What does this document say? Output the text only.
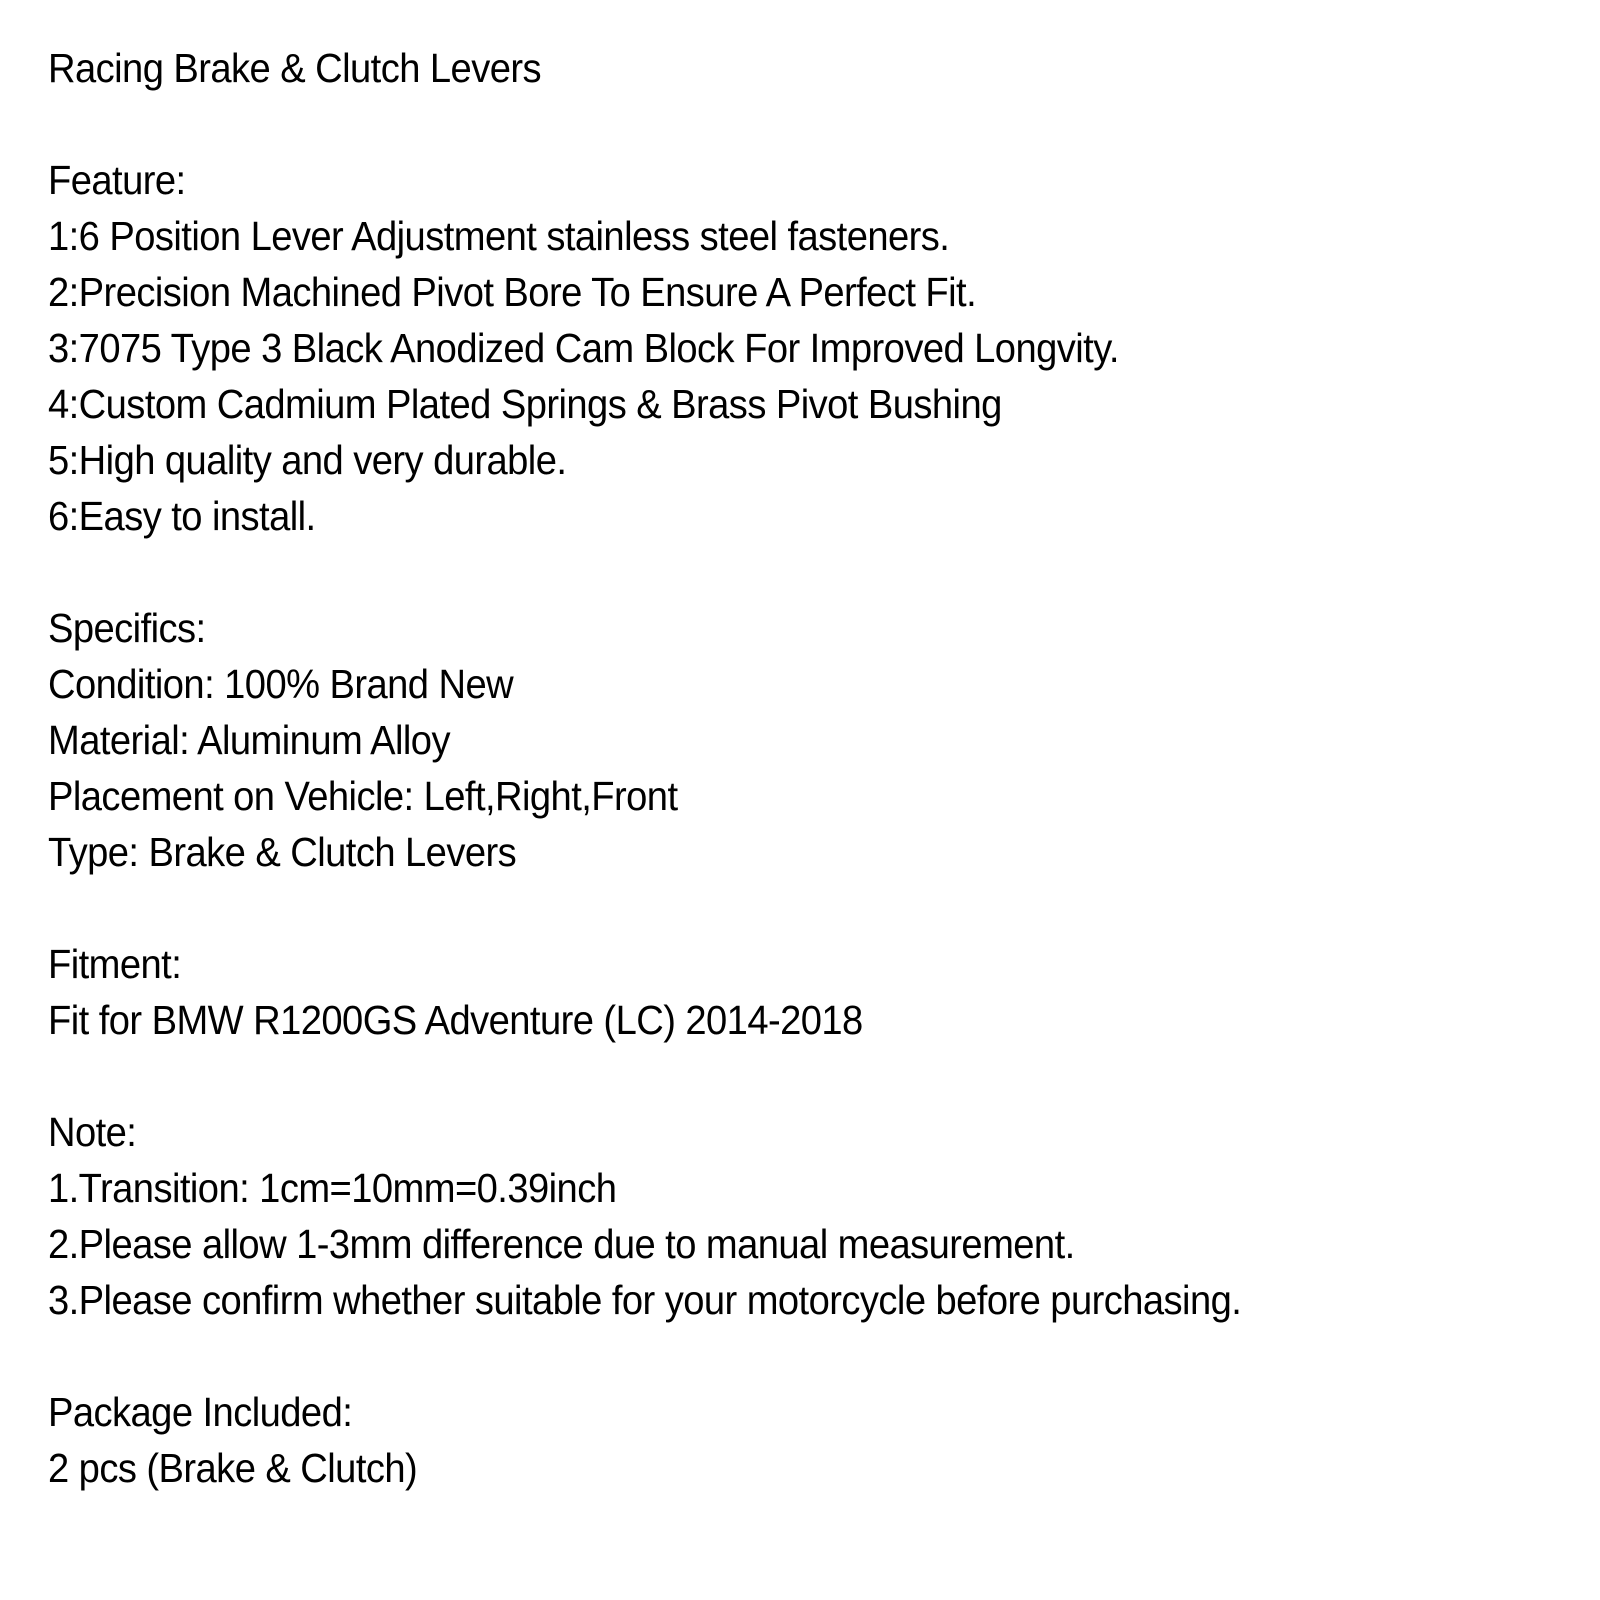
Racing Brake & Clutch Levers
Feature:
1:6 Position Lever Adjustment stainless steel fasteners.
2:Precision Machined Pivot Bore To Ensure A Perfect Fit.
3:7075 Type 3 Black Anodized Cam Block For Improved Longvity.
4:Custom Cadmium Plated Springs & Brass Pivot Bushing
5:High quality and very durable.
6:Easy to install.
Specifics:
Condition: 100% Brand New
Material: Aluminum Alloy
Placement on Vehicle: Left,Right,Front
Type: Brake & Clutch Levers
Fitment:
Fit for BMW R1200GS Adventure (LC) 2014-2018
Note:
1.Transition: 1cm=10mm=0.39inch
2.Please allow 1-3mm difference due to manual measurement.
3.Please confirm whether suitable for your motorcycle before purchasing.
Package Included:
2 pcs (Brake & Clutch)
